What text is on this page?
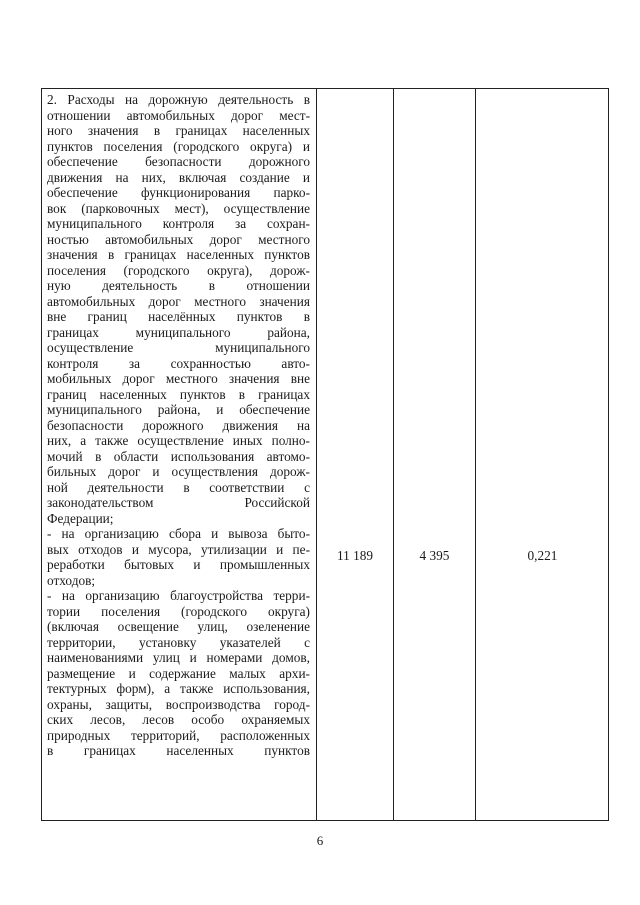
2. Расходы на дорожную деятельность в
отношении автомобильных дорог мест-
ного значения в границах населенных
пунктов поселения (городского округа) и
обеспечение безопасности дорожного
движения на них, включая создание и
обеспечение функционирования парко-
вок (парковочных мест), осуществление
муниципального контроля за сохран-
ностью автомобильных дорог местного
значения в границах населенных пунктов
поселения (городского округа), дорож-
ную деятельность в отношении
автомобильных дорог местного значения
вне границ населённых пунктов в
границах муниципального района,
осуществление муниципального
контроля за сохранностью авто-
мобильных дорог местного значения вне
границ населенных пунктов в границах
муниципального района, и обеспечение
безопасности дорожного движения на
них, а также осуществление иных полно-
мочий в области использования автомо-
бильных дорог и осуществления дорож-
ной деятельности в соответствии с
законодательством Российской
Федерации;
- на организацию сбора и вывоза быто-
вых отходов и мусора, утилизации и пе-
реработки бытовых и промышленных
отходов;
- на организацию благоустройства терри-
тории поселения (городского округа)
(включая освещение улиц, озеленение
территории, установку указателей с
наименованиями улиц и номерами домов,
размещение и содержание малых архи-
тектурных форм), а также использования,
охраны, защиты, воспроизводства город-
ских лесов, лесов особо охраняемых
природных территорий, расположенных
в границах населенных пунктов
11 189	4 395	0,221
6
